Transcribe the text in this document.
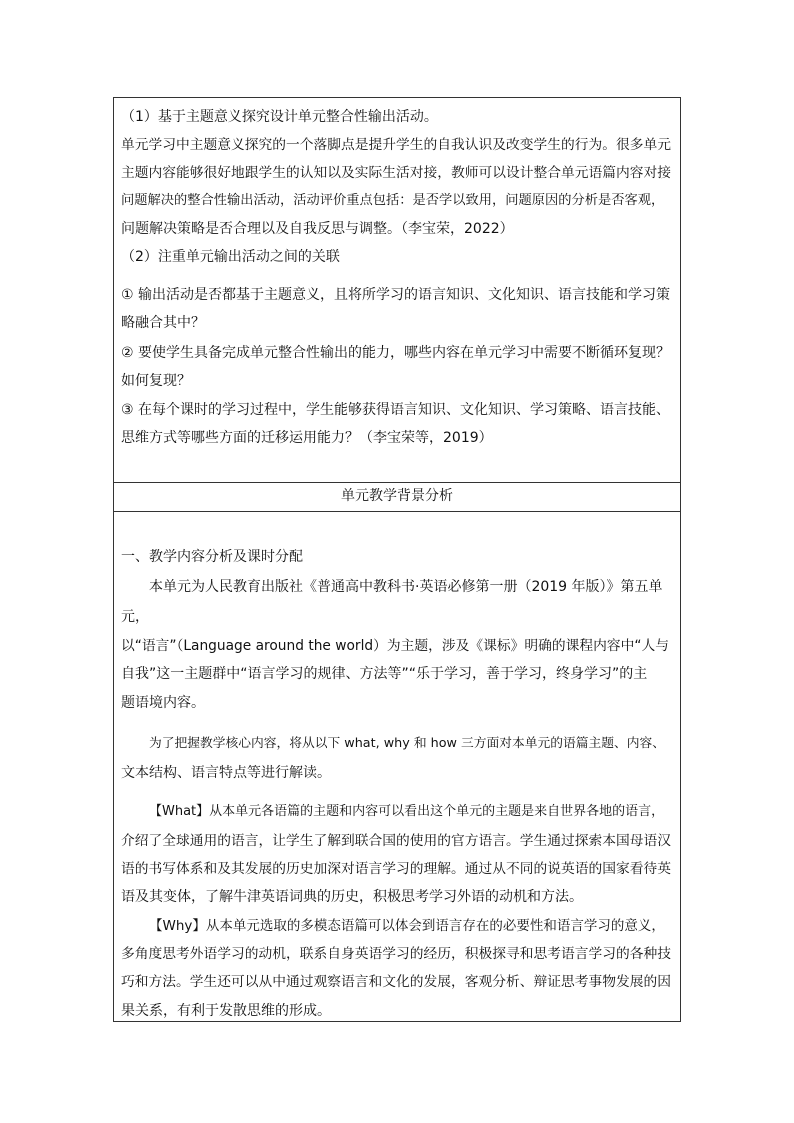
（1）基于主题意义探究设计单元整合性输出活动。
单元学习中主题意义探究的一个落脚点是提升学生的自我认识及改变学生的行为。很多单元
主题内容能够很好地跟学生的认知以及实际生活对接，教师可以设计整合单元语篇内容对接
问题解决的整合性输出活动，活动评价重点包括：是否学以致用，问题原因的分析是否客观，
问题解决策略是否合理以及自我反思与调整。（李宝荣，2022）
（2）注重单元输出活动之间的关联
① 输出活动是否都基于主题意义，且将所学习的语言知识、文化知识、语言技能和学习策
略融合其中？
② 要使学生具备完成单元整合性输出的能力，哪些内容在单元学习中需要不断循环复现？
如何复现？
③ 在每个课时的学习过程中，学生能够获得语言知识、文化知识、学习策略、语言技能、
思维方式等哪些方面的迁移运用能力？（李宝荣等，2019）
单元教学背景分析
一、教学内容分析及课时分配
本单元为人民教育出版社《普通高中教科书·英语必修第一册（2019 年版）》第五单
元，
以“语言”（Language around the world）为主题，涉及《课标》明确的课程内容中“人与
自我”这一主题群中“语言学习的规律、方法等”“乐于学习，善于学习，终身学习”的主
题语境内容。
为了把握教学核心内容，将从以下 what, why 和 how 三方面对本单元的语篇主题、内容、
文本结构、语言特点等进行解读。
【What】从本单元各语篇的主题和内容可以看出这个单元的主题是来自世界各地的语言，
介绍了全球通用的语言，让学生了解到联合国的使用的官方语言。学生通过探索本国母语汉
语的书写体系和及其发展的历史加深对语言学习的理解。通过从不同的说英语的国家看待英
语及其变体，了解牛津英语词典的历史，积极思考学习外语的动机和方法。
【Why】从本单元选取的多模态语篇可以体会到语言存在的必要性和语言学习的意义，
多角度思考外语学习的动机，联系自身英语学习的经历，积极探寻和思考语言学习的各种技
巧和方法。学生还可以从中通过观察语言和文化的发展，客观分析、辩证思考事物发展的因
果关系，有利于发散思维的形成。
